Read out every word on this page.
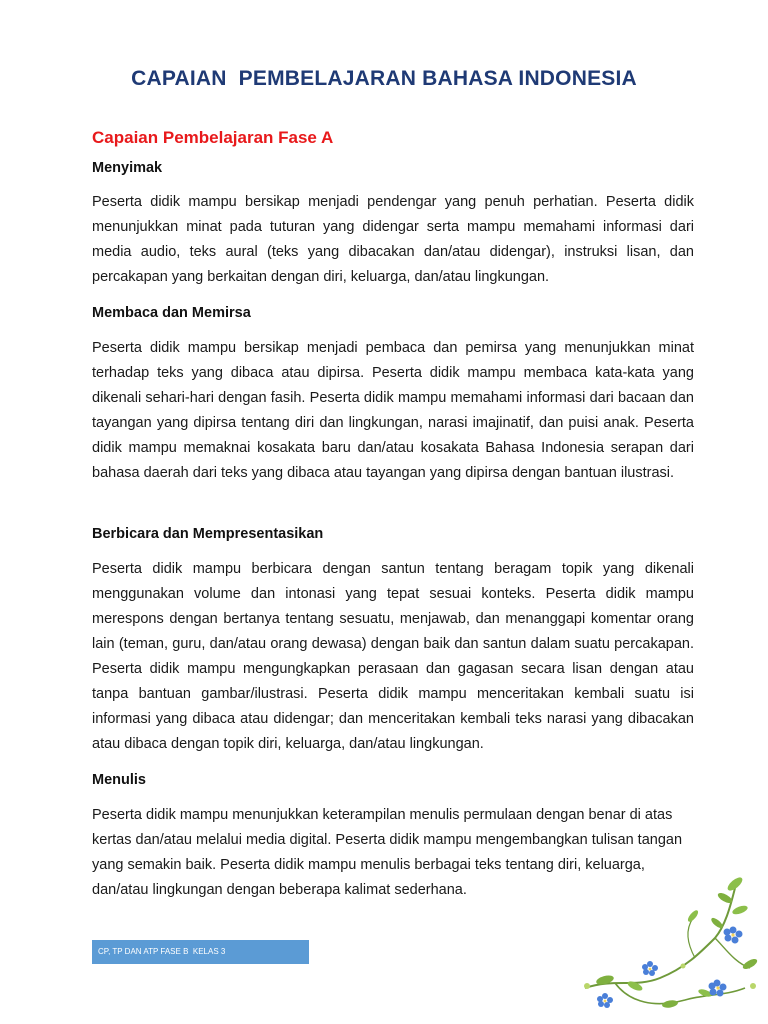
CAPAIAN  PEMBELAJARAN BAHASA INDONESIA
Capaian Pembelajaran Fase A
Menyimak
Peserta didik mampu bersikap menjadi pendengar yang penuh perhatian. Peserta didik menunjukkan minat pada tuturan yang didengar serta mampu memahami informasi dari media audio, teks aural (teks yang dibacakan dan/atau didengar), instruksi lisan, dan percakapan yang berkaitan dengan diri, keluarga, dan/atau lingkungan.
Membaca dan Memirsa
Peserta didik mampu bersikap menjadi pembaca dan pemirsa yang menunjukkan minat terhadap teks yang dibaca atau dipirsa. Peserta didik mampu membaca kata-kata yang dikenali sehari-hari dengan fasih. Peserta didik mampu memahami informasi dari bacaan dan tayangan yang dipirsa tentang diri dan lingkungan, narasi imajinatif, dan puisi anak. Peserta didik mampu memaknai kosakata baru dan/atau kosakata Bahasa Indonesia serapan dari bahasa daerah dari teks yang dibaca atau tayangan yang dipirsa dengan bantuan ilustrasi.
Berbicara dan Mempresentasikan
Peserta didik mampu berbicara dengan santun tentang beragam topik yang dikenali menggunakan volume dan intonasi yang tepat sesuai konteks. Peserta didik mampu merespons dengan bertanya tentang sesuatu, menjawab, dan menanggapi komentar orang lain (teman, guru, dan/atau orang dewasa) dengan baik dan santun dalam suatu percakapan. Peserta didik mampu mengungkapkan perasaan dan gagasan secara lisan dengan atau tanpa bantuan gambar/ilustrasi. Peserta didik mampu menceritakan kembali suatu isi informasi yang dibaca atau didengar; dan menceritakan kembali teks narasi yang dibacakan atau dibaca dengan topik diri, keluarga, dan/atau lingkungan.
Menulis
Peserta didik mampu menunjukkan keterampilan menulis permulaan dengan benar di atas kertas dan/atau melalui media digital. Peserta didik mampu mengembangkan tulisan tangan yang semakin baik. Peserta didik mampu menulis berbagai teks tentang diri, keluarga, dan/atau lingkungan dengan beberapa kalimat sederhana.
CP, TP DAN ATP FASE B  KELAS 3
